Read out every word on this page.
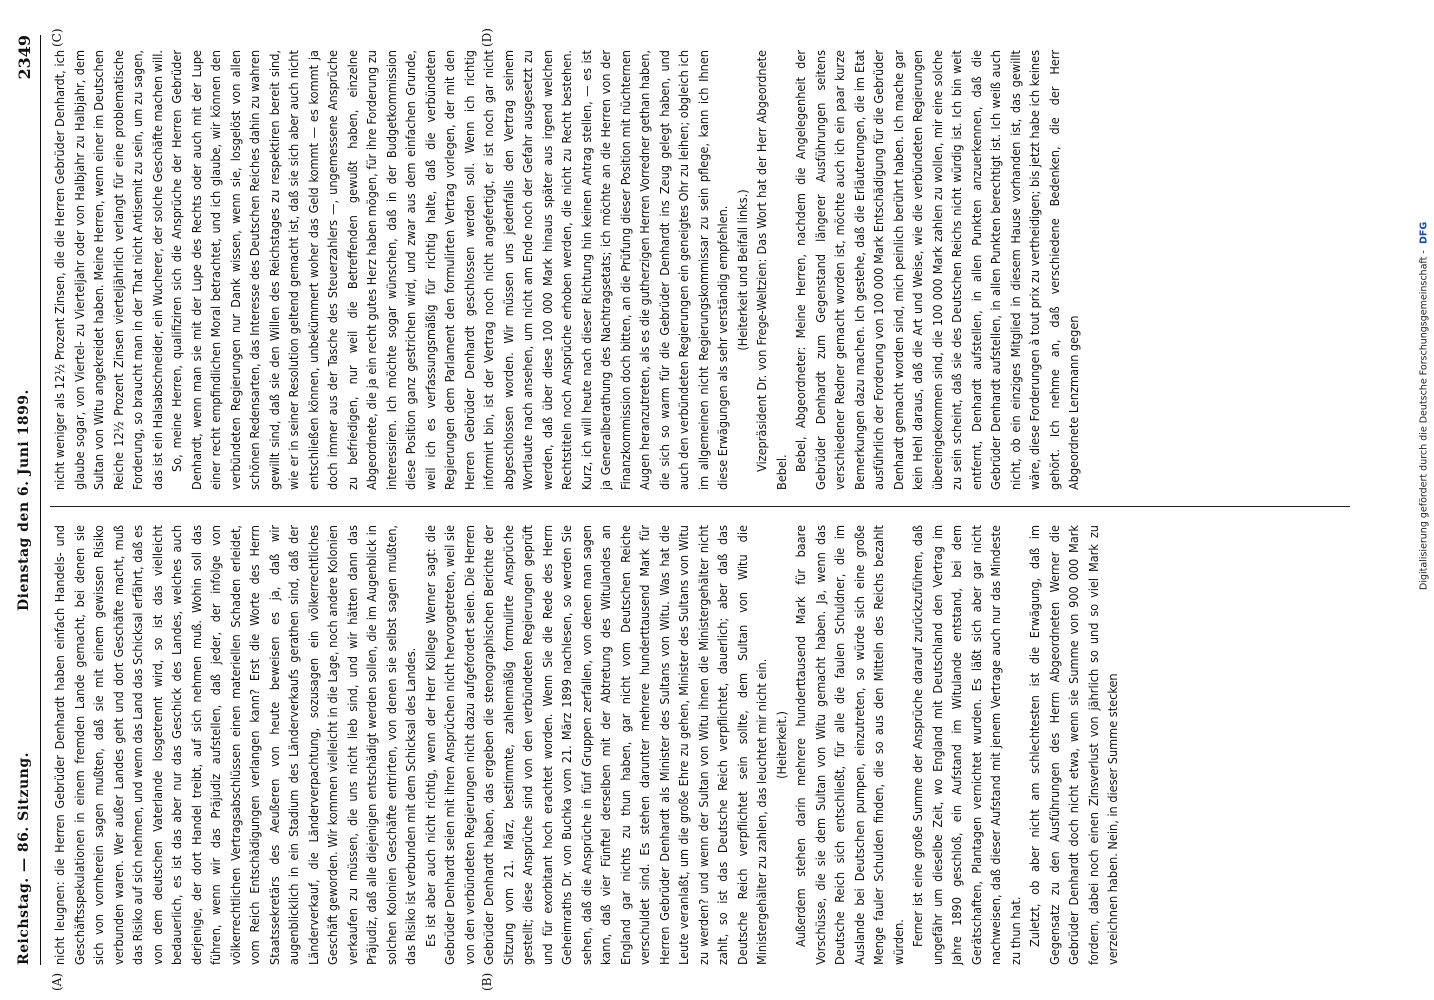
Reichstag. — 86. Sitzung.
Dienstag den 6. Juni 1899.
2349
(A)	(B)
(C)	(D)

nicht leugnen: die Herren Gebrüder Denhardt haben einfach Handels- und Geschäftsspekulationen in einem fremden Lande gemacht, bei denen sie sich von vornherein sagen mußten, daß sie mit einem gewissen Risiko verbunden waren. Wer außer Landes geht und dort Geschäfte macht, muß das Risiko auf sich nehmen, und wenn das Land das Schicksal erfährt, daß es von dem deutschen Vaterlande losgetrennt wird, so ist das vielleicht bedauerlich, es ist das aber nur das Geschick des Landes, welches auch derjenige, der dort Handel treibt, auf sich nehmen muß. Wohin soll das führen, wenn wir das Präjudiz aufstellen, daß jeder, der infolge von völkerrechtlichen Vertragsabschlüssen einen materiellen Schaden erleidet, vom Reich Entschädigungen verlangen kann? Erst die Worte des Herrn Staatssekretärs des Aeußeren von heute beweisen es ja, daß wir augenblicklich in ein Stadium des Länderverkaufs gerathen sind, daß der Länderverkauf, die Länderverpachtung, sozusagen ein völkerrechtliches Geschäft geworden. Wir kommen vielleicht in die Lage, noch andere Kolonien verkaufen zu müssen, die uns nicht lieb sind, und wir hätten dann das Präjudiz, daß alle diejenigen entschädigt werden sollen, die im Augenblick in solchen Kolonien Geschäfte entrirten, von denen sie selbst sagen mußten, das Risiko ist verbunden mit dem Schicksal des Landes. Es ist aber auch nicht richtig, wenn der Herr Kollege Werner sagt: die Gebrüder Denhardt seien mit ihren Ansprüchen nicht hervorgetreten, weil sie von den verbündeten Regierungen nicht dazu aufgefordert seien. Die Herren Gebrüder Denhardt haben, das ergeben die stenographischen Berichte der Sitzung vom 21. März, bestimmte, zahlenmäßig formulirte Ansprüche gestellt; diese Ansprüche sind von den verbündeten Regierungen geprüft und für exorbitant hoch erachtet worden. Wenn Sie die Rede des Herrn Geheimraths Dr. von Buchka vom 21. März 1899 nachlesen, so werden Sie sehen, daß die Ansprüche in fünf Gruppen zerfallen, von denen man sagen kann, daß vier Fünftel derselben mit der Abtretung des Witulandes an England gar nichts zu thun haben, gar nicht vom Deutschen Reiche verschuldet sind. Es stehen darunter mehrere hunderttausend Mark für Herren Gebrüder Denhardt als Minister des Sultans von Witu. Was hat die Leute veranlaßt, um die große Ehre zu gehen, Minister des Sultans von Witu zu werden? und wenn der Sultan von Witu ihnen die Ministergehälter nicht zahlt, so ist das Deutsche Reich verpflichtet, dauerlich; aber daß das Deutsche Reich verpflichtet sein sollte, dem Sultan von Witu die Ministergehälter zu zahlen, das leuchtet mir nicht ein. (Heiterkeit.) Außerdem stehen darin mehrere hunderttausend Mark für baare Vorschüsse, die sie dem Sultan von Witu gemacht haben. Ja, wenn das Deutsche Reich sich entschließt, für alle die faulen Schuldner, die im Auslande bei Deutschen pumpen, einzutreten, so würde sich eine große Menge fauler Schulden finden, die so aus den Mitteln des Reichs bezahlt würden. Ferner ist eine große Summe der Ansprüche darauf zurückzuführen, daß ungefähr um dieselbe Zeit, wo England mit Deutschland den Vertrag im Jahre 1890 geschloß, ein Aufstand im Witulande entstand, bei dem Gerätschaften, Plantagen vernichtet wurden. Es läßt sich aber gar nicht nachweisen, daß dieser Aufstand mit jenem Vertrage auch nur das Mindeste zu thun hat. Zuletzt, ob aber nicht am schlechtesten ist die Erwägung, daß im Gegensatz zu den Ausführungen des Herrn Abgeordneten Werner die Gebrüder Denhardt doch nicht etwa, wenn sie Summe von 900 000 Mark fordern, dabei noch einen Zinsverlust von jährlich so und so viel Mark zu verzeichnen haben. Nein, in dieser Summe stecken

nicht weniger als 12½ Prozent Zinsen, die die Herren Gebrüder Denhardt, ich glaube sogar, von Viertel- zu Vierteljahr oder von Halbjahr zu Halbjahr, dem Sultan von Witu angekreidet haben. Meine Herren, wenn einer im Deutschen Reiche 12½ Prozent Zinsen vierteljährlich verlangt für eine problematische Forderung, so braucht man in der That nicht Antisemit zu sein, um zu sagen, das ist ein Halsabschneider, ein Wucherer, der solche Geschäfte machen will. So, meine Herren, qualifiziren sich die Ansprüche der Herren Gebrüder Denhardt, wenn man sie mit der Lupe des Rechts oder auch mit der Lupe einer recht empfindlichen Moral betrachtet, und ich glaube, wir können den verbündeten Regierungen nur Dank wissen, wenn sie, losgelöst von allen schönen Redensarten, das Interesse des Deutschen Reiches dahin zu wahren gewillt sind, daß sie den Willen des Reichstages zu respektiren bereit sind, wie er in seiner Resolution geltend gemacht ist, daß sie sich aber auch nicht entschließen können, unbekümmert woher das Geld kommt — es kommt ja doch immer aus der Tasche des Steuerzahlers —, ungemessene Ansprüche zu befriedigen, nur weil die Betreffenden gewußt haben, einzelne Abgeordnete, die ja ein recht gutes Herz haben mögen, für ihre Forderung zu interessiren. Ich möchte sogar wünschen, daß in der Budgetkommission diese Position ganz gestrichen wird, und zwar aus dem einfachen Grunde, weil ich es verfassungsmäßig für richtig halte, daß die verbündeten Regierungen dem Parlament den formulirten Vertrag vorlegen, der mit den Herren Gebrüder Denhardt geschlossen werden soll. Wenn ich richtig informirt bin, ist der Vertrag noch nicht angefertigt, er ist noch gar nicht abgeschlossen worden. Wir müssen uns jedenfalls den Vertrag seinem Wortlaute nach ansehen, um nicht am Ende noch der Gefahr ausgesetzt zu werden, daß über diese 100 000 Mark hinaus später aus irgend welchen Rechtstiteln noch Ansprüche erhoben werden, die nicht zu Recht bestehen. Kurz, ich will heute nach dieser Richtung hin keinen Antrag stellen, — es ist ja Generalberathung des Nachtragsetats; ich möchte an die Herren von der Finanzkommission doch bitten, an die Prüfung dieser Position mit nüchternen Augen heranzutreten, als es die gutherzigen Herren Vorredner gethan haben, die sich so warm für die Gebrüder Denhardt ins Zeug gelegt haben, und auch den verbündeten Regierungen ein geneigtes Ohr zu leihen; obgleich ich im allgemeinen nicht Regierungskommissar zu sein pflege, kann ich Ihnen diese Erwägungen als sehr verständig empfehlen. (Heiterkeit und Beifall links.) Vizepräsident Dr. von Frege-Weltzien: Das Wort hat der Herr Abgeordnete Bebel.

Bebel, Abgeordneter: Meine Herren, nachdem die Angelegenheit der Gebrüder Denhardt zum Gegenstand längerer Ausführungen seitens verschiedener Redner gemacht worden ist, möchte auch ich ein paar kurze Bemerkungen dazu machen. Ich gestehe, daß die Erläuterungen, die im Etat ausführlich der Forderung von 100 000 Mark Entschädigung für die Gebrüder Denhardt gemacht worden sind, mich peinlich berührt haben. Ich mache gar kein Hehl daraus, daß die Art und Weise, wie die verbündeten Regierungen übereingekommen sind, die 100 000 Mark zahlen zu wollen, mir eine solche zu sein scheint, daß sie des Deutschen Reichs nicht würdig ist. Ich bin weit entfernt, Denhardt aufstellen, in allen Punkten anzuerkennen, daß die Gebrüder Denhardt aufstellen, in allen Punkten berechtigt ist. Ich weiß auch nicht, ob ein einziges Mitglied in diesem Hause vorhanden ist, das gewillt wäre, diese Forderungen à tout prix zu vertheidigen; bis jetzt habe ich keines gehört. Ich nehme an, daß verschiedene Bedenken, die der Herr Abgeordnete Lenzmann gegen	Digitalisierung gefördert durch die Deutsche Forschungsgemeinschaft -
DFG
